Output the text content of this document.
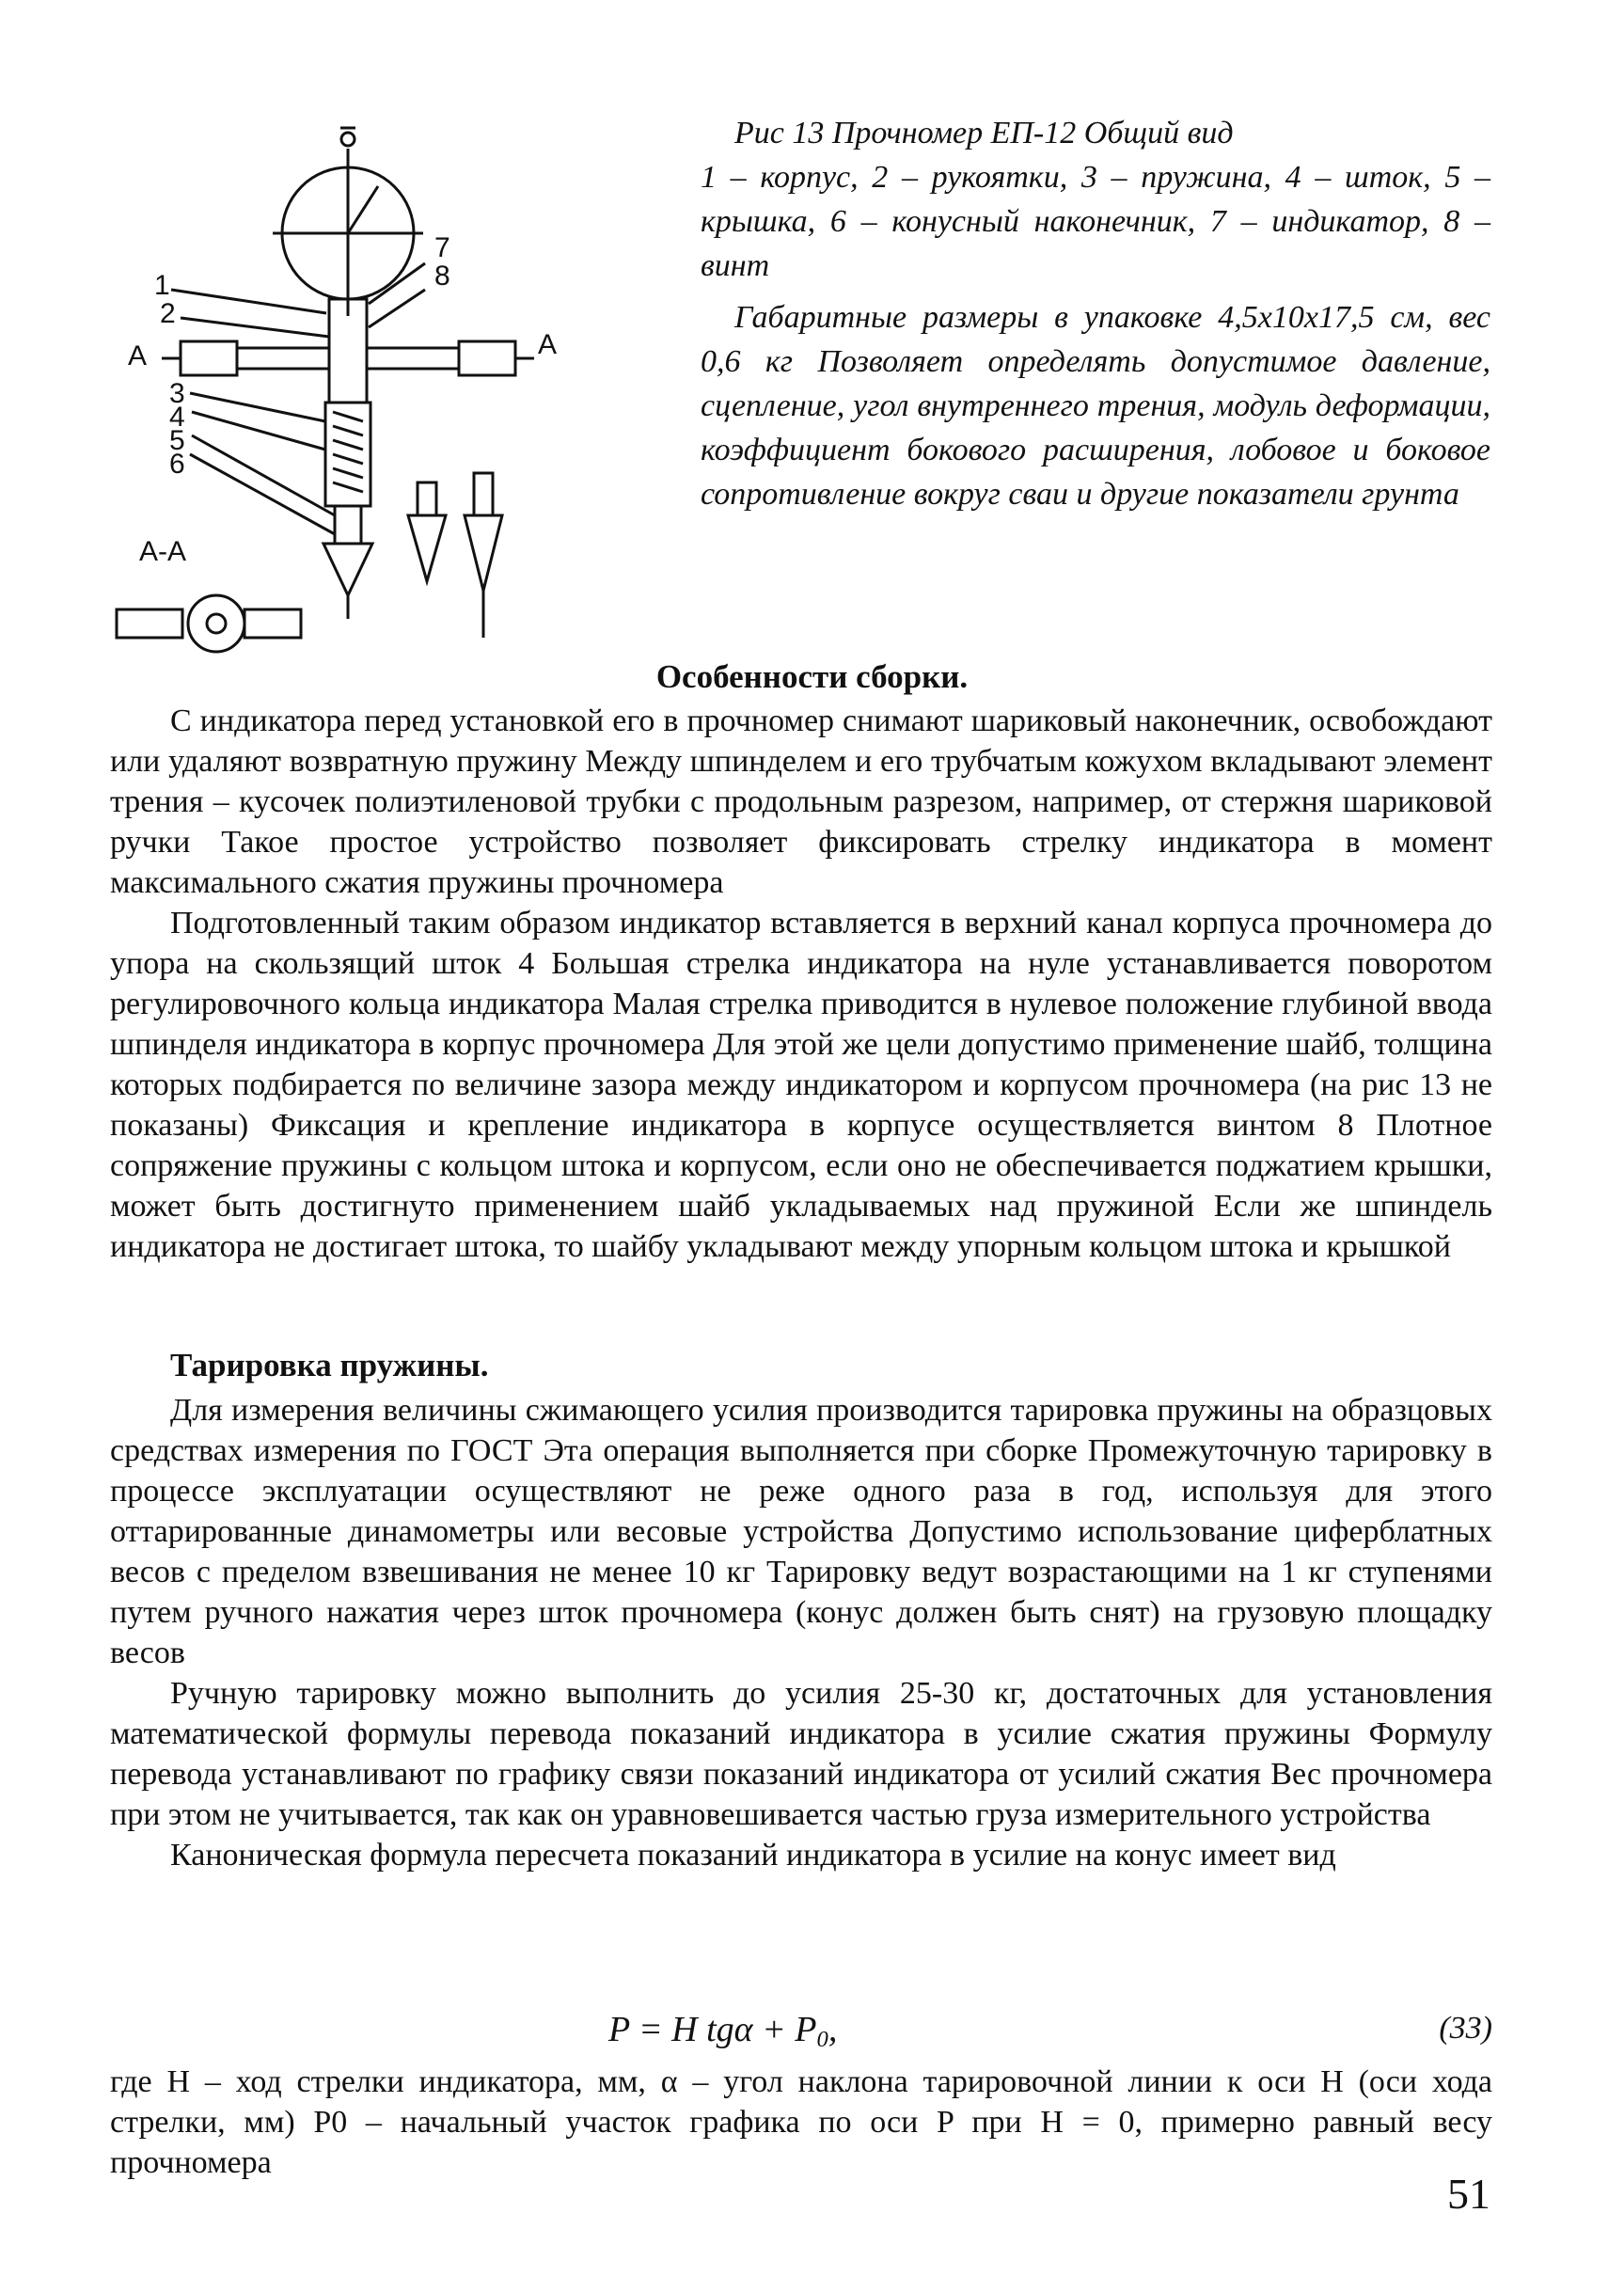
1
2
3
4
5
6
7
8
A	A
A-A

Рис 13 Прочномер ЕП-12 Общий вид

1 – корпус, 2 – рукоятки, 3 – пружина, 4 – шток, 5 – крышка, 6 – конусный наконечник, 7 – индикатор, 8 – винт

Габаритные размеры в упаковке 4,5х10х17,5 см, вес 0,6 кг Позволяет определять допустимое давление, сцепление, угол внутреннего трения, модуль деформации, коэффициент бокового расширения, лобовое и боковое сопротивление вокруг сваи и другие показатели грунта

Особенности сборки.

С индикатора перед установкой его в прочномер снимают шариковый наконечник, освобождают или удаляют возвратную пружину Между шпинделем и его трубчатым кожухом вкладывают элемент трения – кусочек полиэтиленовой трубки с продольным разрезом, например, от стержня шариковой ручки Такое простое устройство позволяет фиксировать стрелку индикатора в момент максимального сжатия пружины прочномера

Подготовленный таким образом индикатор вставляется в верхний канал корпуса прочномера до упора на скользящий шток 4 Большая стрелка индикатора на нуле устанавливается поворотом регулировочного кольца индикатора Малая стрелка приводится в нулевое положение глубиной ввода шпинделя индикатора в корпус прочномера Для этой же цели допустимо применение шайб, толщина которых подбирается по величине зазора между индикатором и корпусом прочномера (на рис 13 не показаны) Фиксация и крепление индикатора в корпусе осуществляется винтом 8 Плотное сопряжение пружины с кольцом штока и корпусом, если оно не обеспечивается поджатием крышки, может быть достигнуто применением шайб укладываемых над пружиной Если же шпиндель индикатора не достигает штока, то шайбу укладывают между упорным кольцом штока и крышкой

Тарировка пружины.

Для измерения величины сжимающего усилия производится тарировка пружины на образцовых средствах измерения по ГОСТ Эта операция выполняется при сборке Промежуточную тарировку в процессе эксплуатации осуществляют не реже одного раза в год, используя для этого оттарированные динамометры или весовые устройства Допустимо использование циферблатных весов с пределом взвешивания не менее 10 кг Тарировку ведут возрастающими на 1 кг ступенями путем ручного нажатия через шток прочномера (конус должен быть снят) на грузовую площадку весов

Ручную тарировку можно выполнить до усилия 25-30 кг, достаточных для установления математической формулы перевода показаний индикатора в усилие сжатия пружины Формулу перевода устанавливают по графику связи показаний индикатора от усилий сжатия Вес прочномера при этом не учитывается, так как он уравновешивается частью груза измерительного устройства

Каноническая формула пересчета показаний индикатора в усилие на конус имеет вид

P = H $tg\alpha + P_0$,	(33)

где H – ход стрелки индикатора, мм, α – угол наклона тарировочной линии к оси H (оси хода стрелки, мм) P0 – начальный участок графика по оси P при H = 0, примерно равный весу прочномера

51
